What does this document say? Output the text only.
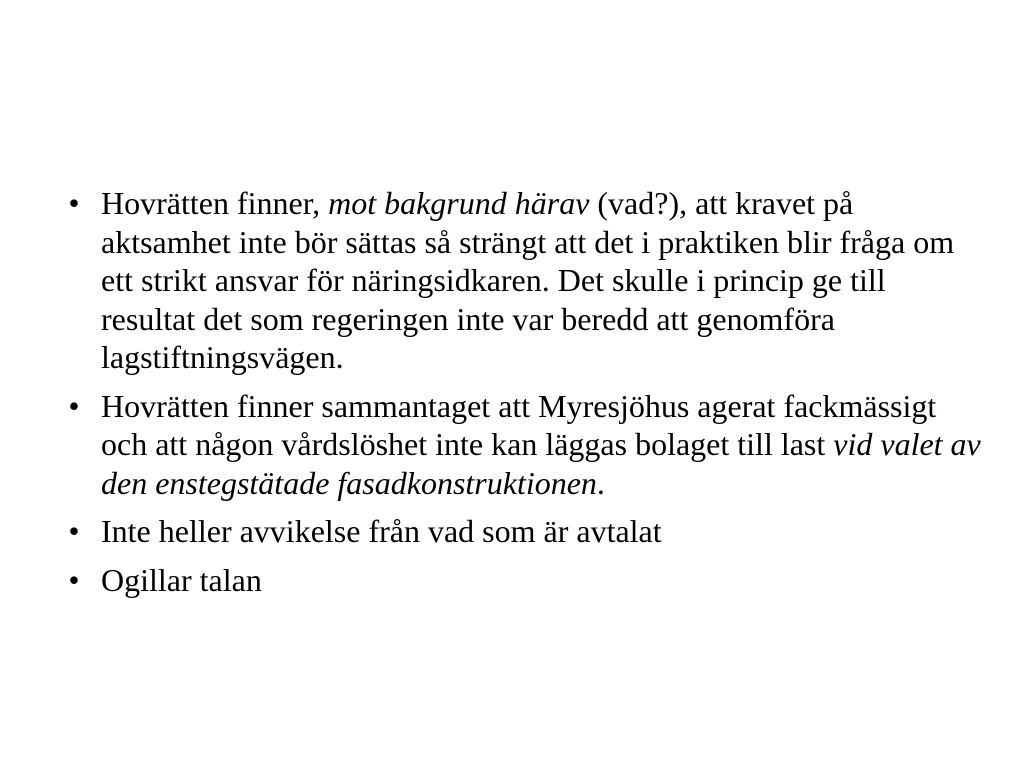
• Hovrätten finner, mot bakgrund härav (vad?), att kravet på aktsamhet inte bör sättas så strängt att det i praktiken blir fråga om ett strikt ansvar för näringsidkaren. Det skulle i princip ge till resultat det som regeringen inte var beredd att genomföra lagstiftningsvägen.
• Hovrätten finner sammantaget att Myresjöhus agerat fackmässigt och att någon vårdslöshet inte kan läggas bolaget till last vid valet av den enstegstätade fasadkonstruktionen.
• Inte heller avvikelse från vad som är avtalat
• Ogillar talan
